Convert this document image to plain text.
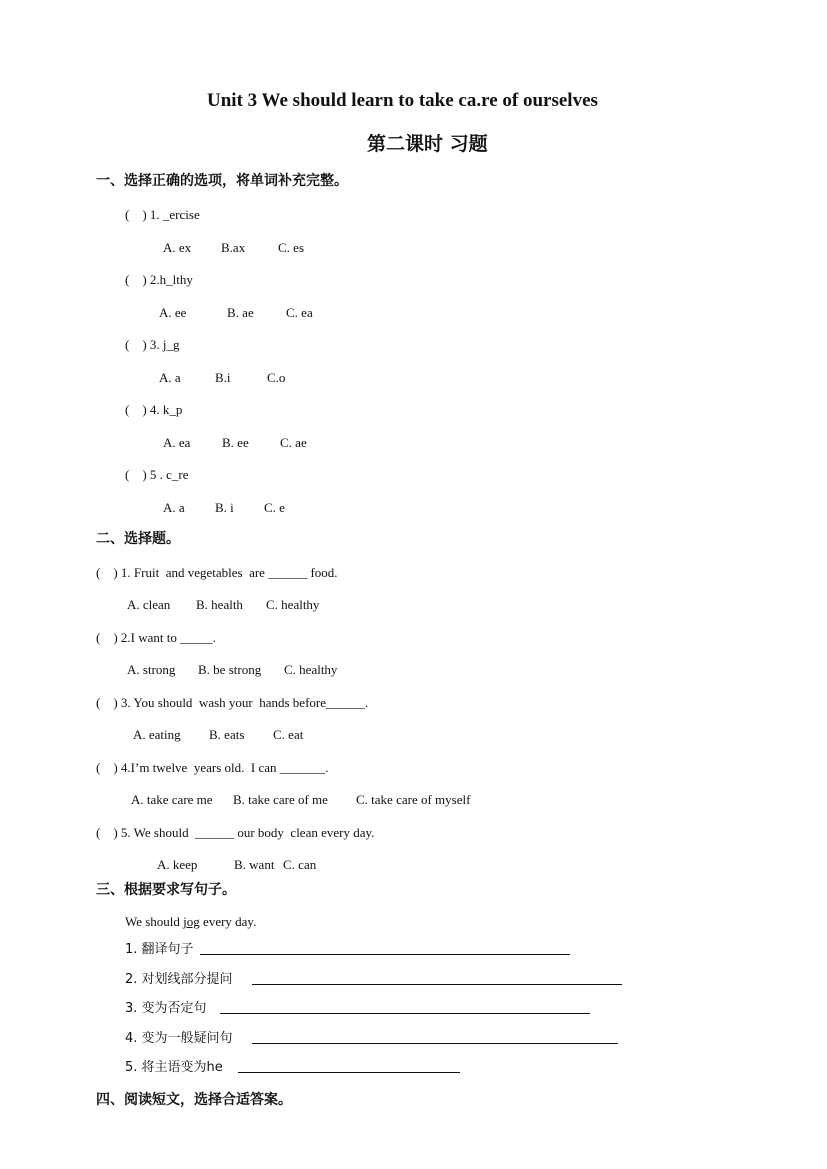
Unit 3 We should learn to take ca.re of ourselves
第二课时 习题
一、选择正确的选项，将单词补充完整。
(    ) 1. _ercise
A. ex B.ax	C. es
(    ) 2.h_lthy
A. ee	B. ae C. ea
(    ) 3. j_g
A. a	B.i	C.o
(    ) 4. k_p
A. ea B. ee C. ae
(    ) 5 . c_re
A. a B. i C. e
二、选择题。
(    ) 1. Fruit  and vegetables  are ______ food.
A. clean B. health C. healthy
(    ) 2.I want to _____.
A. strong B. be strong C. healthy
(    ) 3. You should  wash your  hands before______.
A. eating B. eats C. eat
(    ) 4.I’m twelve  years old.  I can _______.
A. take care me B. take care of me C. take care of myself
(    ) 5. We should  ______ our body  clean every day.
A. keep	B. want C. can
三、根据要求写句子。
We should jog every day.
1. 翻译句子
2. 对划线部分提问
3. 变为否定句
4. 变为一般疑问句
5. 将主语变为he
四、阅读短文，选择合适答案。
